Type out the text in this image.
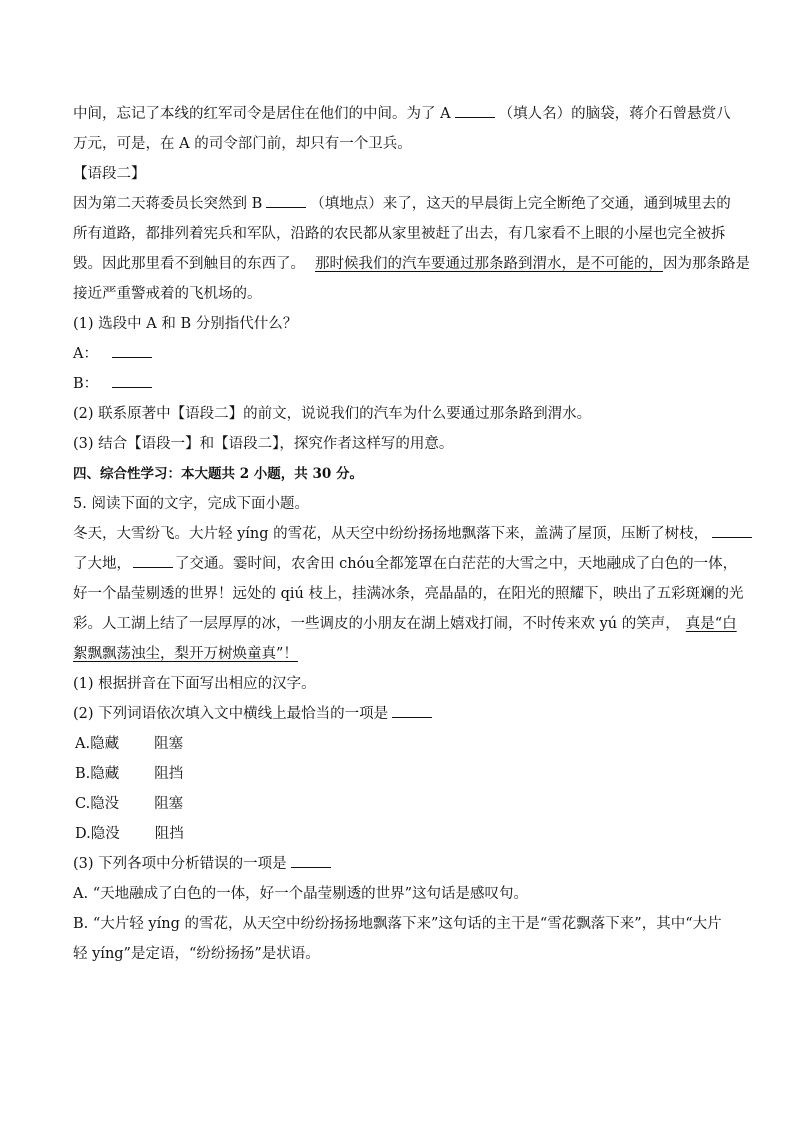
中间，忘记了本线的红军司令是居住在他们的中间。为了 A	（填人名）的脑袋，蒋介石曾悬赏八
万元，可是，在 A 的司令部门前，却只有一个卫兵。
【语段二】
因为第二天蒋委员长突然到 B	（填地点）来了，这天的早晨街上完全断绝了交通，通到城里去的
所有道路，都排列着宪兵和军队，沿路的农民都从家里被赶了出去，有几家看不上眼的小屋也完全被拆
毁。因此那里看不到触目的东西了。 那时候我们的汽车要通过那条路到渭水，是不可能的，因为那条路是
接近严重警戒着的飞机场的。
(1) 选段中 A 和 B 分别指代什么？
A：
B：
(2) 联系原著中【语段二】的前文，说说我们的汽车为什么要通过那条路到渭水。
(3) 结合【语段一】和【语段二】，探究作者这样写的用意。
四、综合性学习：本大题共 2 小题，共 30 分。
5. 阅读下面的文字，完成下面小题。
冬天，大雪纷飞。大片轻 yíng 的雪花，从天空中纷纷扬扬地飘落下来，盖满了屋顶，压断了树枝，
了大地，	了交通。霎时间，农舍田 chóu全都笼罩在白茫茫的大雪之中，天地融成了白色的一体，
好一个晶莹剔透的世界！远处的 qiú 枝上，挂满冰条，亮晶晶的，在阳光的照耀下，映出了五彩斑斓的光
彩。人工湖上结了一层厚厚的冰，一些调皮的小朋友在湖上嬉戏打闹，不时传来欢 yú 的笑声， 真是“白
絮飘飘荡浊尘，梨开万树焕童真”！
(1) 根据拼音在下面写出相应的汉字。
(2) 下列词语依次填入文中横线上最恰当的一项是
A.隐藏 阻塞
B.隐藏 阻挡
C.隐没 阻塞
D.隐没 阻挡
(3) 下列各项中分析错误的一项是
A. “天地融成了白色的一体，好一个晶莹剔透的世界”这句话是感叹句。
B. “大片轻 yíng 的雪花，从天空中纷纷扬扬地飘落下来”这句话的主干是“雪花飘落下来”，其中“大片
轻 yíng”是定语，“纷纷扬扬”是状语。
